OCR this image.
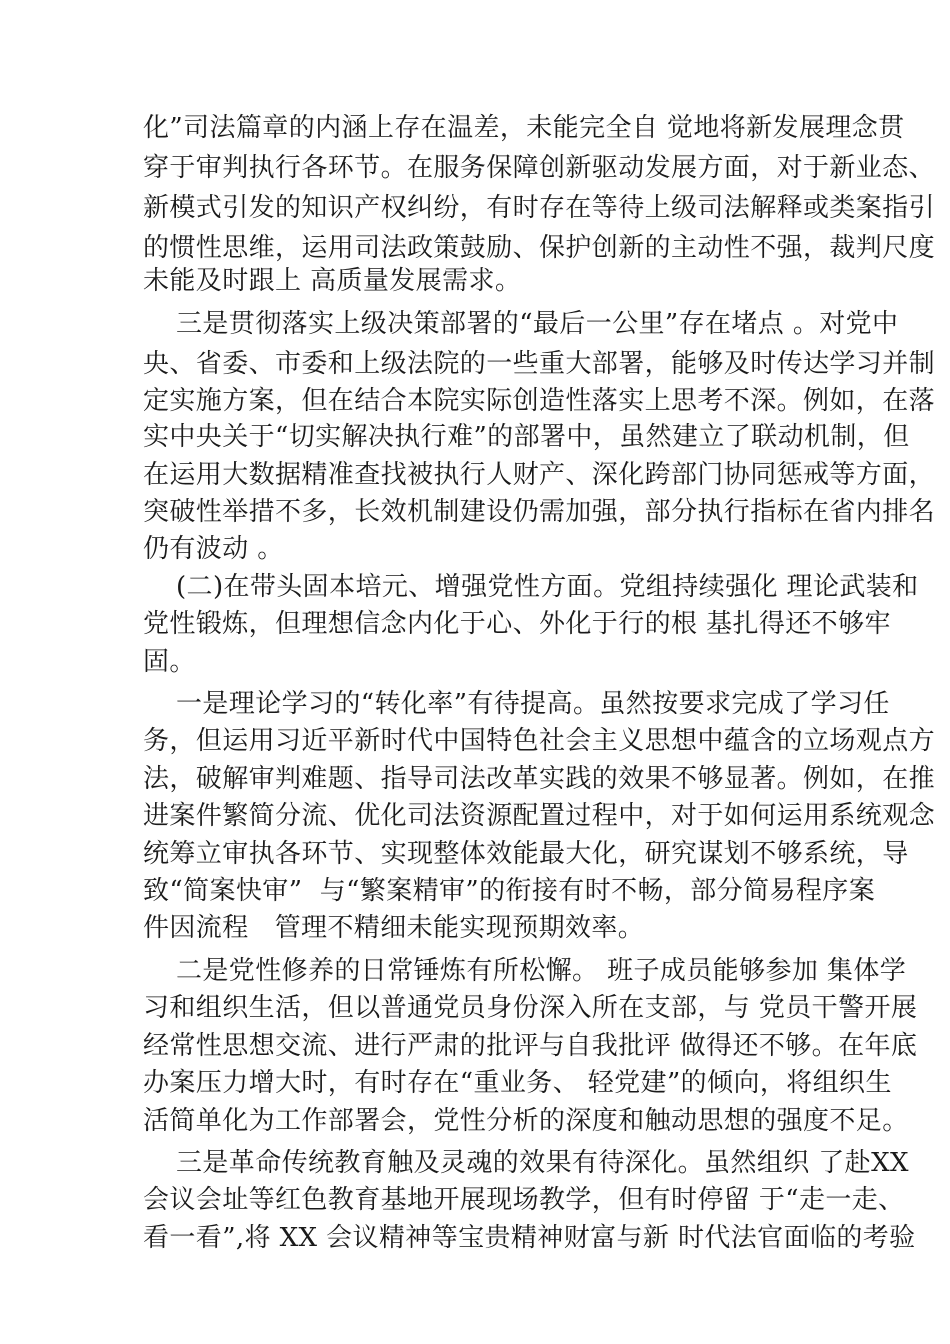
化”司法篇章的内涵上存在温差，未能完全自 觉地将新发展理念贯
穿于审判执行各环节。在服务保障创新驱动发展方面，对于新业态、
新模式引发的知识产权纠纷，有时存在等待上级司法解释或类案指引
的惯性思维，运用司法政策鼓励、保护创新的主动性不强，裁判尺度
未能及时跟上 高质量发展需求。
三是贯彻落实上级决策部署的“最后一公里”存在堵点 。对党中
央、省委、市委和上级法院的一些重大部署，能够及时传达学习并制
定实施方案，但在结合本院实际创造性落实上思考不深。例如，在落
实中央关于“切实解决执行难”的部署中，虽然建立了联动机制，但
在运用大数据精准查找被执行人财产、深化跨部门协同惩戒等方面，
突破性举措不多，长效机制建设仍需加强，部分执行指标在省内排名
仍有波动 。
(二)在带头固本培元、增强党性方面。党组持续强化 理论武装和
党性锻炼，但理想信念内化于心、外化于行的根 基扎得还不够牢
固。
一是理论学习的“转化率”有待提高。虽然按要求完成了学习任
务，但运用习近平新时代中国特色社会主义思想中蕴含的立场观点方
法，破解审判难题、指导司法改革实践的效果不够显著。例如，在推
进案件繁简分流、优化司法资源配置过程中，对于如何运用系统观念
统筹立审执各环节、实现整体效能最大化，研究谋划不够系统，导
致“简案快审”  与“繁案精审”的衔接有时不畅，部分简易程序案
件因流程   管理不精细未能实现预期效率。
二是党性修养的日常锤炼有所松懈。 班子成员能够参加 集体学
习和组织生活，但以普通党员身份深入所在支部，与 党员干警开展
经常性思想交流、进行严肃的批评与自我批评 做得还不够。在年底
办案压力增大时，有时存在“重业务、 轻党建”的倾向，将组织生
活简单化为工作部署会，党性分析的深度和触动思想的强度不足。
三是革命传统教育触及灵魂的效果有待深化。虽然组织 了赴XX
会议会址等红色教育基地开展现场教学，但有时停留 于“走一走、
看一看”,将 XX 会议精神等宝贵精神财富与新 时代法官面临的考验
